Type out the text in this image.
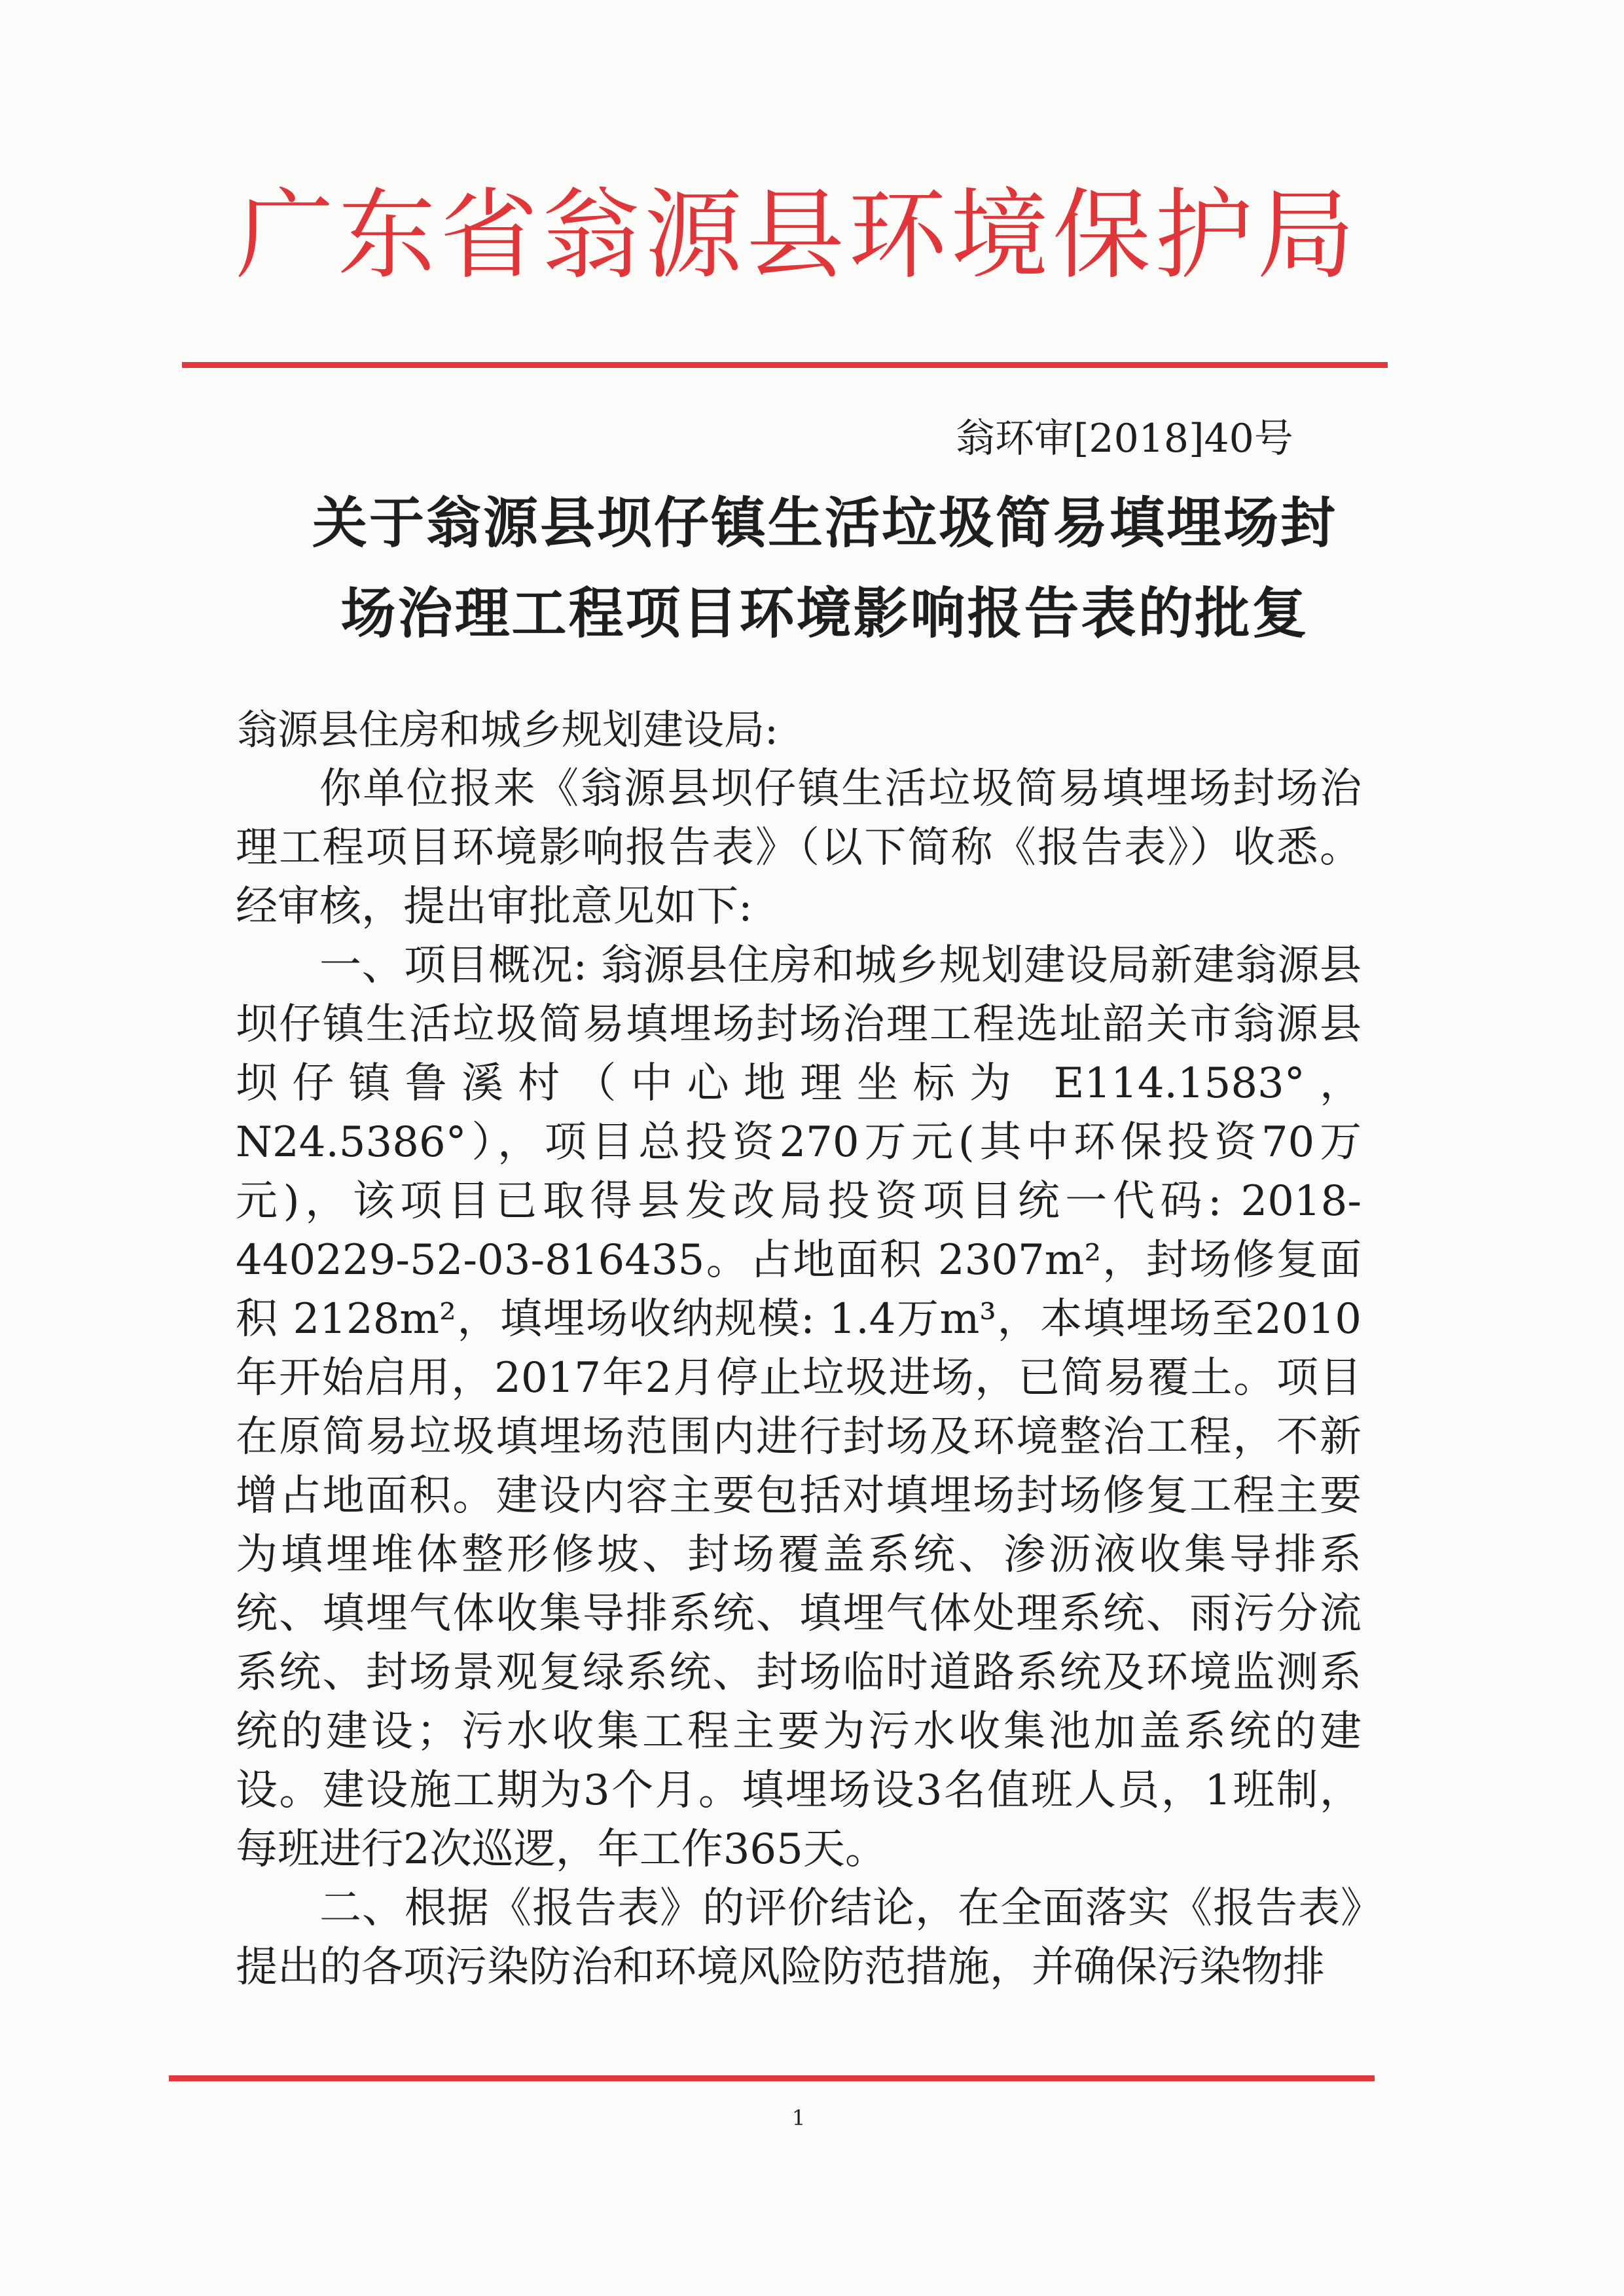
广东省翁源县环境保护局
翁环审[2018]40号
关于翁源县坝仔镇生活垃圾简易填埋场封
场治理工程项目环境影响报告表的批复
翁源县住房和城乡规划建设局:

你单位报来《翁源县坝仔镇生活垃圾简易填埋场封场治理工程项目环境影响报告表》（以下简称《报告表》）收悉。经审核，提出审批意见如下:

一、项目概况: 翁源县住房和城乡规划建设局新建翁源县坝仔镇生活垃圾简易填埋场封场治理工程选址韶关市翁源县坝仔镇鲁溪村（中心地理坐标为 E114.1583°，N24.5386°），项目总投资270万元(其中环保投资70万元)，该项目已取得县发改局投资项目统一代码: 2018-440229-52-03-816435。占地面积 2307m²，封场修复面积 2128m²，填埋场收纳规模: 1.4万m³，本填埋场至2010年开始启用，2017年2月停止垃圾进场，已简易覆土。项目在原简易垃圾填埋场范围内进行封场及环境整治工程，不新增占地面积。建设内容主要包括对填埋场封场修复工程主要为填埋堆体整形修坡、封场覆盖系统、渗沥液收集导排系统、填埋气体收集导排系统、填埋气体处理系统、雨污分流系统、封场景观复绿系统、封场临时道路系统及环境监测系统的建设；污水收集工程主要为污水收集池加盖系统的建设。建设施工期为3个月。填埋场设3名值班人员，1班制，每班进行2次巡逻，年工作365天。

二、根据《报告表》的评价结论，在全面落实《报告表》提出的各项污染防治和环境风险防范措施，并确保污染物排

1
